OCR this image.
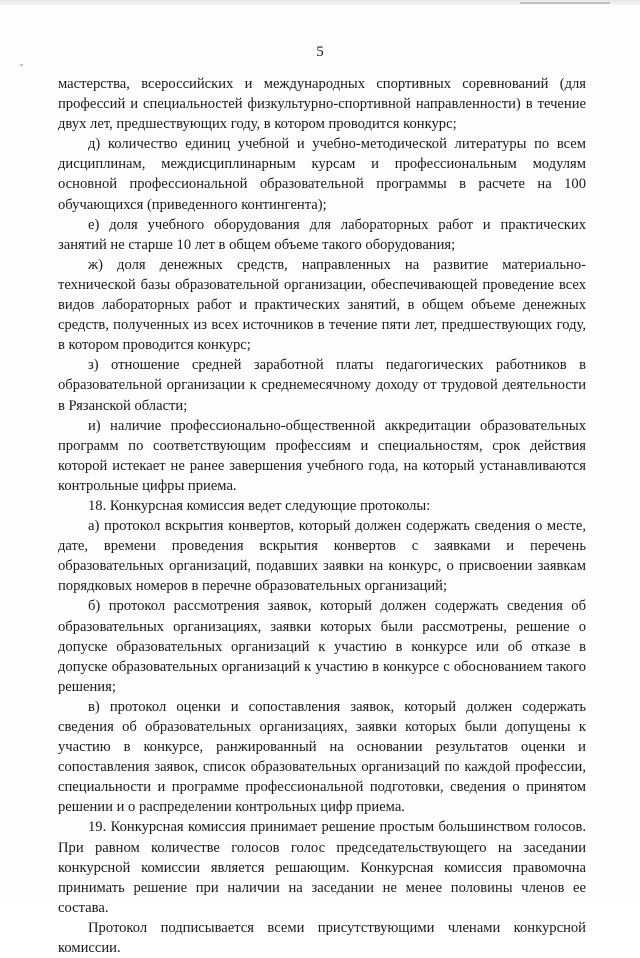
5

мастерства, всероссийских и международных спортивных соревнований (для профессий и специальностей физкультурно-спортивной направленности) в течение двух лет, предшествующих году, в котором проводится конкурс;

д) количество единиц учебной и учебно-методической литературы по всем дисциплинам, междисциплинарным курсам и профессиональным модулям основной профессиональной образовательной программы в расчете на 100 обучающихся (приведенного контингента);

е) доля учебного оборудования для лабораторных работ и практических занятий не старше 10 лет в общем объеме такого оборудования;

ж) доля денежных средств, направленных на развитие материально-технической базы образовательной организации, обеспечивающей проведение всех видов лабораторных работ и практических занятий, в общем объеме денежных средств, полученных из всех источников в течение пяти лет, предшествующих году, в котором проводится конкурс;

з) отношение средней заработной платы педагогических работников в образовательной организации к среднемесячному доходу от трудовой деятельности в Рязанской области;

и) наличие профессионально-общественной аккредитации образовательных программ по соответствующим профессиям и специальностям, срок действия которой истекает не ранее завершения учебного года, на который устанавливаются контрольные цифры приема.

18. Конкурсная комиссия ведет следующие протоколы:

а) протокол вскрытия конвертов, который должен содержать сведения о месте, дате, времени проведения вскрытия конвертов с заявками и перечень образовательных организаций, подавших заявки на конкурс, о присвоении заявкам порядковых номеров в перечне образовательных организаций;

б) протокол рассмотрения заявок, который должен содержать сведения об образовательных организациях, заявки которых были рассмотрены, решение о допуске образовательных организаций к участию в конкурсе или об отказе в допуске образовательных организаций к участию в конкурсе с обоснованием такого решения;

в) протокол оценки и сопоставления заявок, который должен содержать сведения об образовательных организациях, заявки которых были допущены к участию в конкурсе, ранжированный на основании результатов оценки и сопоставления заявок, список образовательных организаций по каждой профессии, специальности и программе профессиональной подготовки, сведения о принятом решении и о распределении контрольных цифр приема.

19. Конкурсная комиссия принимает решение простым большинством голосов. При равном количестве голосов голос председательствующего на заседании конкурсной комиссии является решающим. Конкурсная комиссия правомочна принимать решение при наличии на заседании не менее половины членов ее состава.

Протокол подписывается всеми присутствующими членами конкурсной комиссии.
